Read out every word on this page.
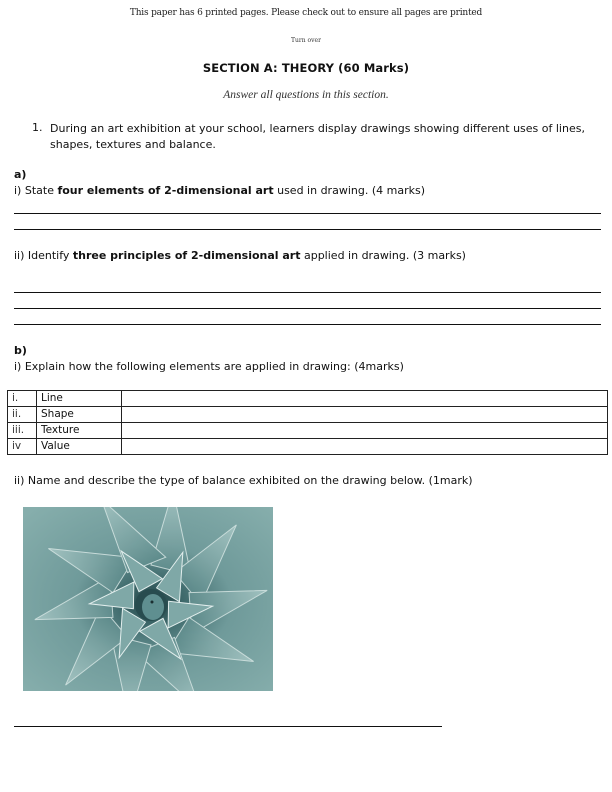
This paper has 6 printed pages. Please check out to ensure all pages are printed
Turn over
SECTION A: THEORY (60 Marks)
Answer all questions in this section.
1. During an art exhibition at your school, learners display drawings showing different uses of lines, shapes, textures and balance.
a)
i) State four elements of 2-dimensional art used in drawing. (4 marks)
ii) Identify three principles of 2-dimensional art applied in drawing. (3 marks)
b)
i) Explain how the following elements are applied in drawing: (4marks)
i.	Line	
ii.	Shape	
iii.	Texture	
iv	Value	
ii) Name and describe the type of balance exhibited on the drawing below. (1mark)
